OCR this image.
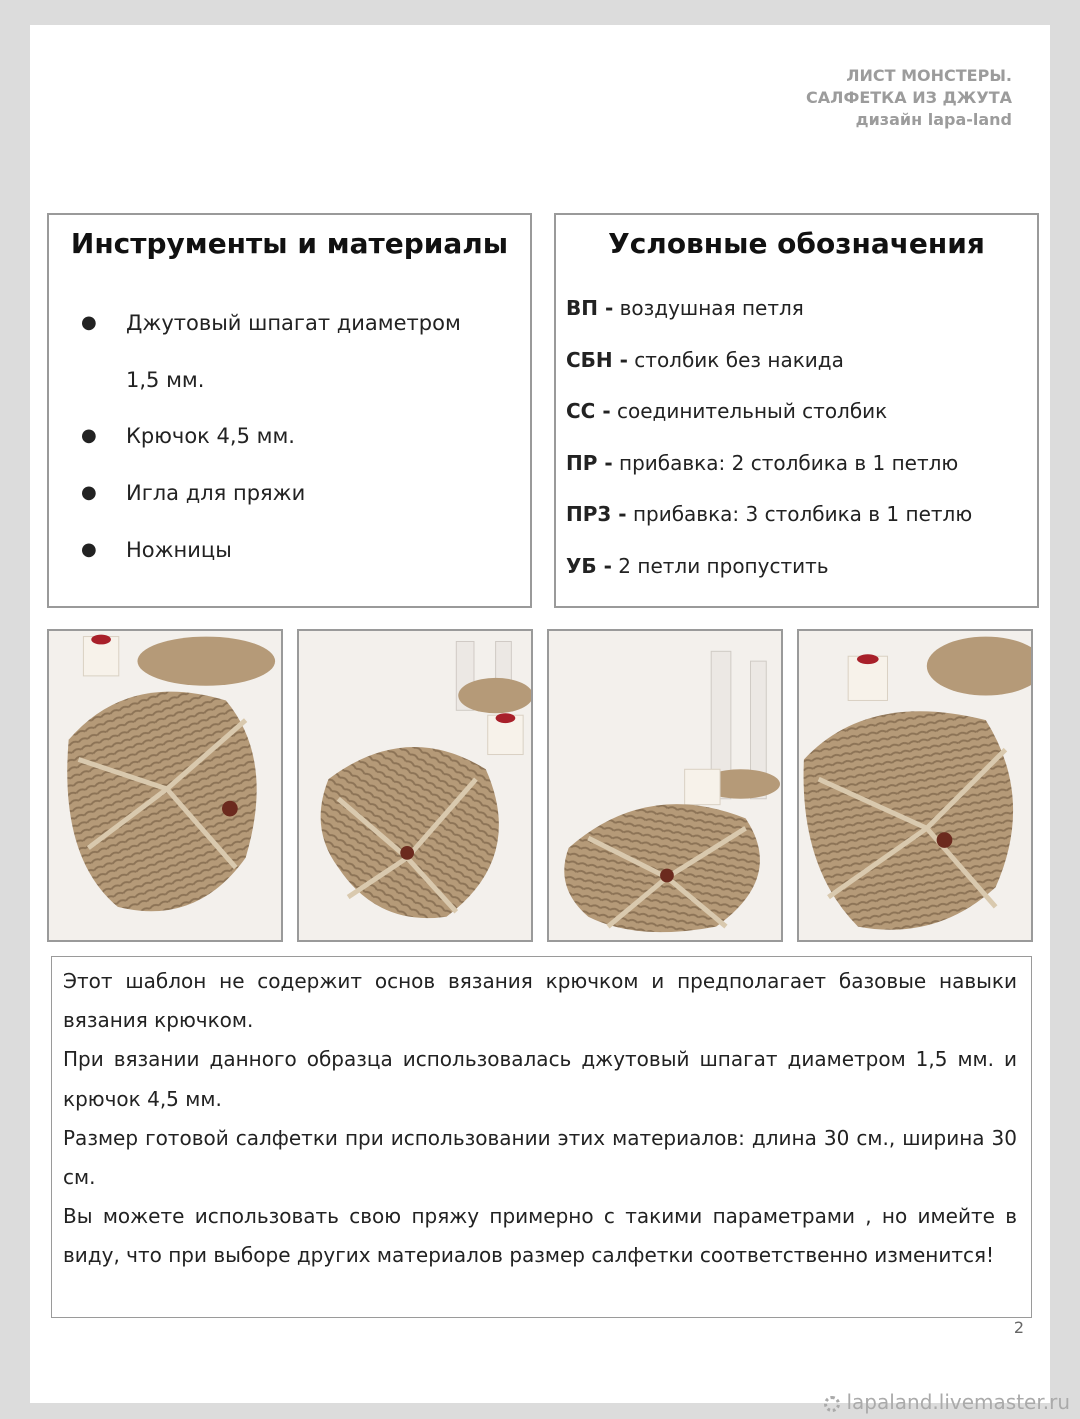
ЛИСТ МОНСТЕРЫ.
САЛФЕТКА ИЗ ДЖУТА
дизайн lapa-land
Инструменты и материалы
● Джутовый шпагат диаметром
1,5 мм.
● Крючок 4,5 мм.
● Игла для пряжи
● Ножницы
Условные обозначения
ВП - воздушная петля
СБН - столбик без накида
СС - соединительный столбик
ПР - прибавка: 2 столбика в 1 петлю
ПР3 - прибавка: 3 столбика в 1 петлю
УБ - 2 петли пропустить

Этот шаблон не содержит основ вязания крючком и предполагает базовые навыки вязания крючком.

При вязании данного образца использовалась джутовый шпагат диаметром 1,5 мм. и крючок 4,5 мм.

Размер готовой салфетки при использовании этих материалов: длина 30 см., ширина 30 см.

Вы можете использовать свою пряжу примерно с такими параметрами , но имейте в виду, что при выборе других материалов размер салфетки соответственно изменится!

2
lapaland.livemaster.ru
